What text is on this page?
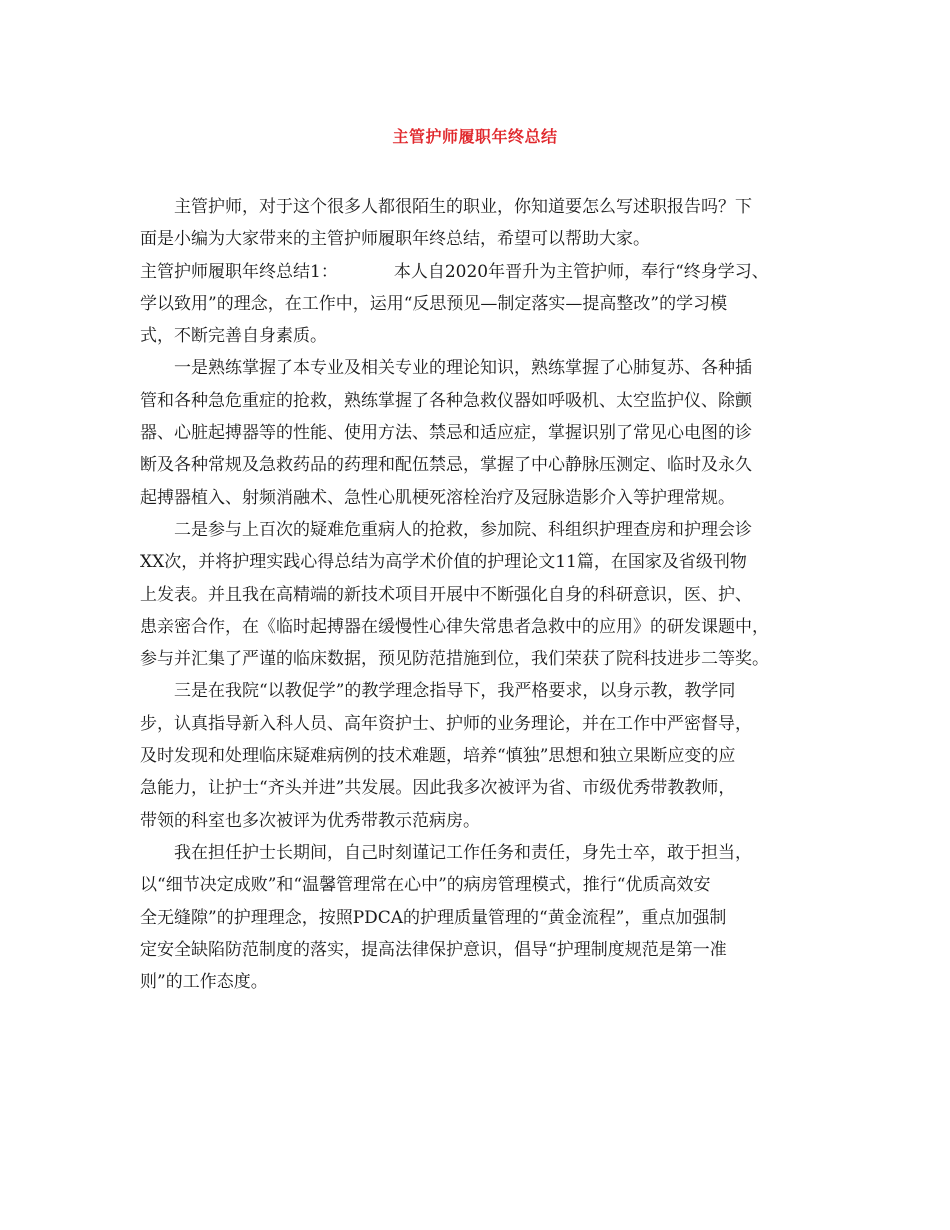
主管护师履职年终总结
主管护师，对于这个很多人都很陌生的职业，你知道要怎么写述职报告吗？下
面是小编为大家带来的主管护师履职年终总结，希望可以帮助大家。
主管护师履职年终总结1：	本人自2020年晋升为主管护师，奉行“终身学习、
学以致用”的理念，在工作中，运用“反思预见—制定落实—提高整改”的学习模
式，不断完善自身素质。
一是熟练掌握了本专业及相关专业的理论知识，熟练掌握了心肺复苏、各种插
管和各种急危重症的抢救，熟练掌握了各种急救仪器如呼吸机、太空监护仪、除颤
器、心脏起搏器等的性能、使用方法、禁忌和适应症，掌握识别了常见心电图的诊
断及各种常规及急救药品的药理和配伍禁忌，掌握了中心静脉压测定、临时及永久
起搏器植入、射频消融术、急性心肌梗死溶栓治疗及冠脉造影介入等护理常规。
二是参与上百次的疑难危重病人的抢救，参加院、科组织护理查房和护理会诊
XX次，并将护理实践心得总结为高学术价值的护理论文11篇，在国家及省级刊物
上发表。并且我在高精端的新技术项目开展中不断强化自身的科研意识，医、护、
患亲密合作，在《临时起搏器在缓慢性心律失常患者急救中的应用》的研发课题中，
参与并汇集了严谨的临床数据，预见防范措施到位，我们荣获了院科技进步二等奖。
三是在我院“以教促学”的教学理念指导下，我严格要求，以身示教，教学同
步，认真指导新入科人员、高年资护士、护师的业务理论，并在工作中严密督导，
及时发现和处理临床疑难病例的技术难题，培养“慎独”思想和独立果断应变的应
急能力，让护士“齐头并进”共发展。因此我多次被评为省、市级优秀带教教师，
带领的科室也多次被评为优秀带教示范病房。
我在担任护士长期间，自己时刻谨记工作任务和责任，身先士卒，敢于担当，
以“细节决定成败”和“温馨管理常在心中”的病房管理模式，推行“优质高效安
全无缝隙”的护理理念，按照PDCA的护理质量管理的“黄金流程”，重点加强制
定安全缺陷防范制度的落实，提高法律保护意识，倡导“护理制度规范是第一准
则”的工作态度。
